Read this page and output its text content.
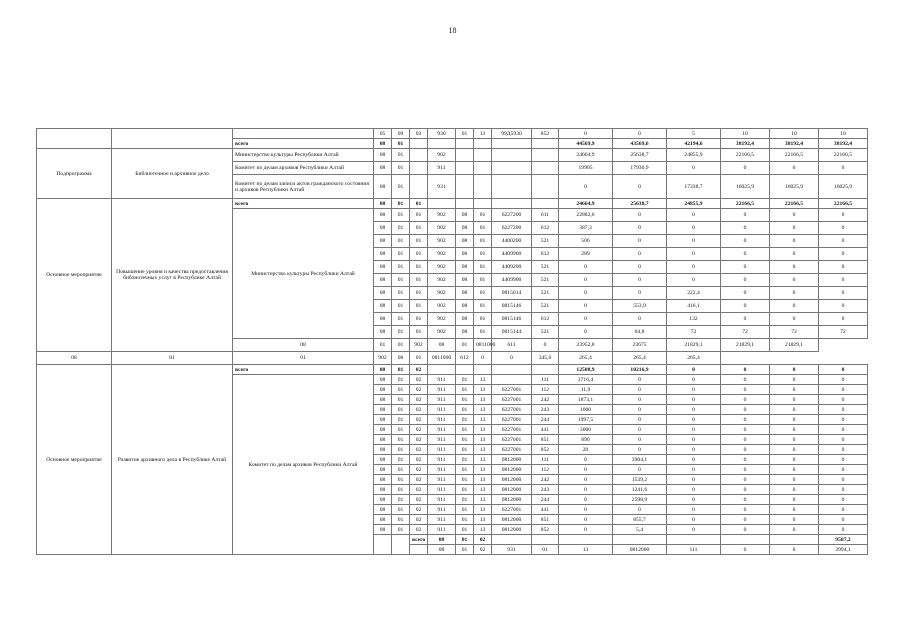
18
			05	09	03	930	01	13	99Д5930	852	0	0	5	10	10	10	
		всего	08	01							44569,9	43569,6	42194,6	38192,4	38192,4	38192,4	
Подпрограмма	Библиотечное и архивное дело	Министерство культуры Республики Алтай	08	01		902					24664,9	25638,7	24855,9	22166,5	22166,5	22166,5	
		Комитет по делам архивов Республики Алтай	08	01		911					19905	17930,9	0	0	0	0	
		Комитет по делам записи актов гражданского состояния и архивов Республики Алтай	08	01		931					0	0	17338,7	16025,9	16025,9	16025,9	
Основное мероприятие	Повышение уровня и качества предоставления библиотечных услуг в Республике Алтай	всего	08	01	01						24664,9	25638,7	24855,9	22166,5	22166,5	22166,5	
		Министерство культуры Республики Алтай	08	01	01	902	08	01	6227200	611	22882,6	0	0	0	0	0	
			08	01	01	902	08	01	6227200	612	387,3	0	0	0	0	0	
			08	01	01	902	08	01	4400200	521	506	0	0	0	0	0	
			08	01	01	902	08	01	4409900	612	289	0	0	0	0	0	
			08	01	01	902	08	01	4409200	521	0	0	0	0	0	0	
			08	01	01	902	08	01	4409900	521	0	0	0	0	0	0	
			08	01	01	902	08	01	0815014	521	0	0	222,4	0	0	0	
			08	01	01	902	08	01	0815146	521	0	553,9	416,1	0	0	0	
			08	01	01	902	08	01	0815146	612	0	0	132	0	0	0	
			08	01	01	902	08	01	0815144	521	0	64,8	72	72	72	72	
		08	01	01	902	08	01	0811000	611	0	23952,8	23675	21829,1	21829,1	21829,1		
08	01	01	902	08	01	0811000	612	0	0	345,6	265,4	265,4	265,4				
Основное мероприятие	Развитие архивного дела в Республике Алтай	всего	08	01	02						12508,9	10216,9	0	0	0	0	
		Комитет по делам архивов Республики Алтай	08	01	02	911	01	13		111	3716,4	0	0	0	0	0	
			08	01	02	911	01	13	6227001	112	11,9	0	0	0	0	0	
			08	01	02	911	01	13	6227001	242	1873,1	0	0	0	0	0	
			08	01	02	911	01	13	6227001	243	1000	0	0	0	0	0	
			08	01	02	911	01	13	6227001	244	1997,5	0	0	0	0	0	
			08	01	02	911	01	13	6227001	441	3000	0	0	0	0	0	
			08	01	02	911	01	13	6227001	851	890	0	0	0	0	0	
			08	01	02	911	01	13	6227001	852	20	0	0	0	0	0	
			08	01	02	911	01	13	0812000	111	0	3904,1	0	0	0	0	
			08	01	02	911	01	13	0812000	112	0	0	0	0	0	0	
			08	01	02	911	01	13	0812000	242	0	1539,2	0	0	0	0	
			08	01	02	911	01	13	0812000	243	0	1241,6	0	0	0	0	
			08	01	02	911	01	13	0812000	244	0	2598,9	0	0	0	0	
			08	01	02	911	01	13	6227001	441	0	0	0	0	0	0	
			08	01	02	911	01	13	0812000	851	0	855,7	0	0	0	0	
			08	01	02	911	01	13	0812000	852	0	5,4	0	0	0	0	
					всего	08	01	02								9587,2			
						08	01	02	931	01	13	0812000	111	0	0	3994,1			
